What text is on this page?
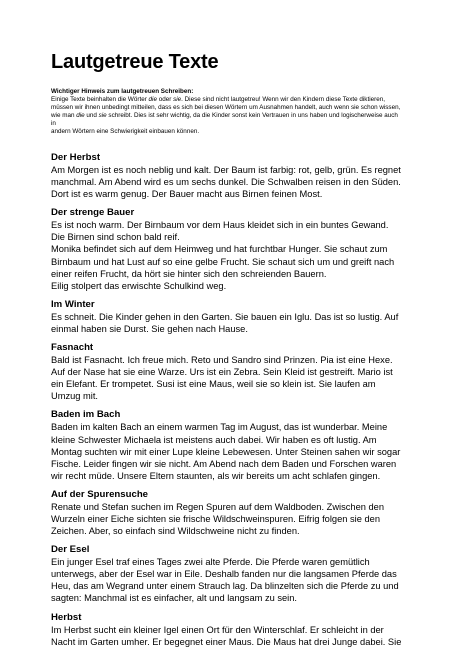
Lautgetreue Texte

Wichtiger Hinweis zum lautgetreuen Schreiben:

Einige Texte beinhalten die Wörter die oder sie. Diese sind nicht lautgetreu! Wenn wir den Kindern diese Texte diktieren,
müssen wir ihnen unbedingt mitteilen, dass es sich bei diesen Wörtern um Ausnahmen handelt, auch wenn sie schon wissen,
wie man die und sie schreibt. Dies ist sehr wichtig, da die Kinder sonst kein Vertrauen in uns haben und logischerweise auch in
andern Wörtern eine Schwierigkeit einbauen können.

Der Herbst

Am Morgen ist es noch neblig und kalt. Der Baum ist farbig: rot, gelb, grün. Es regnet
manchmal. Am Abend wird es um sechs dunkel. Die Schwalben reisen in den Süden.
Dort ist es warm genug. Der Bauer macht aus Birnen feinen Most.

Der strenge Bauer

Es ist noch warm. Der Birnbaum vor dem Haus kleidet sich in ein buntes Gewand.
Die Birnen sind schon bald reif.
Monika befindet sich auf dem Heimweg und hat furchtbar Hunger. Sie schaut zum
Birnbaum und hat Lust auf so eine gelbe Frucht. Sie schaut sich um und greift nach
einer reifen Frucht, da hört sie hinter sich den schreienden Bauern.
Eilig stolpert das erwischte Schulkind weg.

Im Winter

Es schneit. Die Kinder gehen in den Garten. Sie bauen ein Iglu. Das ist so lustig. Auf
einmal haben sie Durst. Sie gehen nach Hause.

Fasnacht

Bald ist Fasnacht. Ich freue mich. Reto und Sandro sind Prinzen. Pia ist eine Hexe.
Auf der Nase hat sie eine Warze. Urs ist ein Zebra. Sein Kleid ist gestreift. Mario ist
ein Elefant. Er trompetet. Susi ist eine Maus, weil sie so klein ist. Sie laufen am
Umzug mit.

Baden im Bach

Baden im kalten Bach an einem warmen Tag im August, das ist wunderbar. Meine
kleine Schwester Michaela ist meistens auch dabei. Wir haben es oft lustig. Am
Montag suchten wir mit einer Lupe kleine Lebewesen. Unter Steinen sahen wir sogar
Fische. Leider fingen wir sie nicht. Am Abend nach dem Baden und Forschen waren
wir recht müde. Unsere Eltern staunten, als wir bereits um acht schlafen gingen.

Auf der Spurensuche

Renate und Stefan suchen im Regen Spuren auf dem Waldboden. Zwischen den
Wurzeln einer Eiche sichten sie frische Wildschweinspuren. Eifrig folgen sie den
Zeichen. Aber, so einfach sind Wildschweine nicht zu finden.

Der Esel

Ein junger Esel traf eines Tages zwei alte Pferde. Die Pferde waren gemütlich
unterwegs, aber der Esel war in Eile. Deshalb fanden nur die langsamen Pferde das
Heu, das am Wegrand unter einem Strauch lag. Da blinzelten sich die Pferde zu und
sagten: Manchmal ist es einfacher, alt und langsam zu sein.

Herbst

Im Herbst sucht ein kleiner Igel einen Ort für den Winterschlaf. Er schleicht in der
Nacht im Garten umher. Er begegnet einer Maus. Die Maus hat drei Junge dabei. Sie
